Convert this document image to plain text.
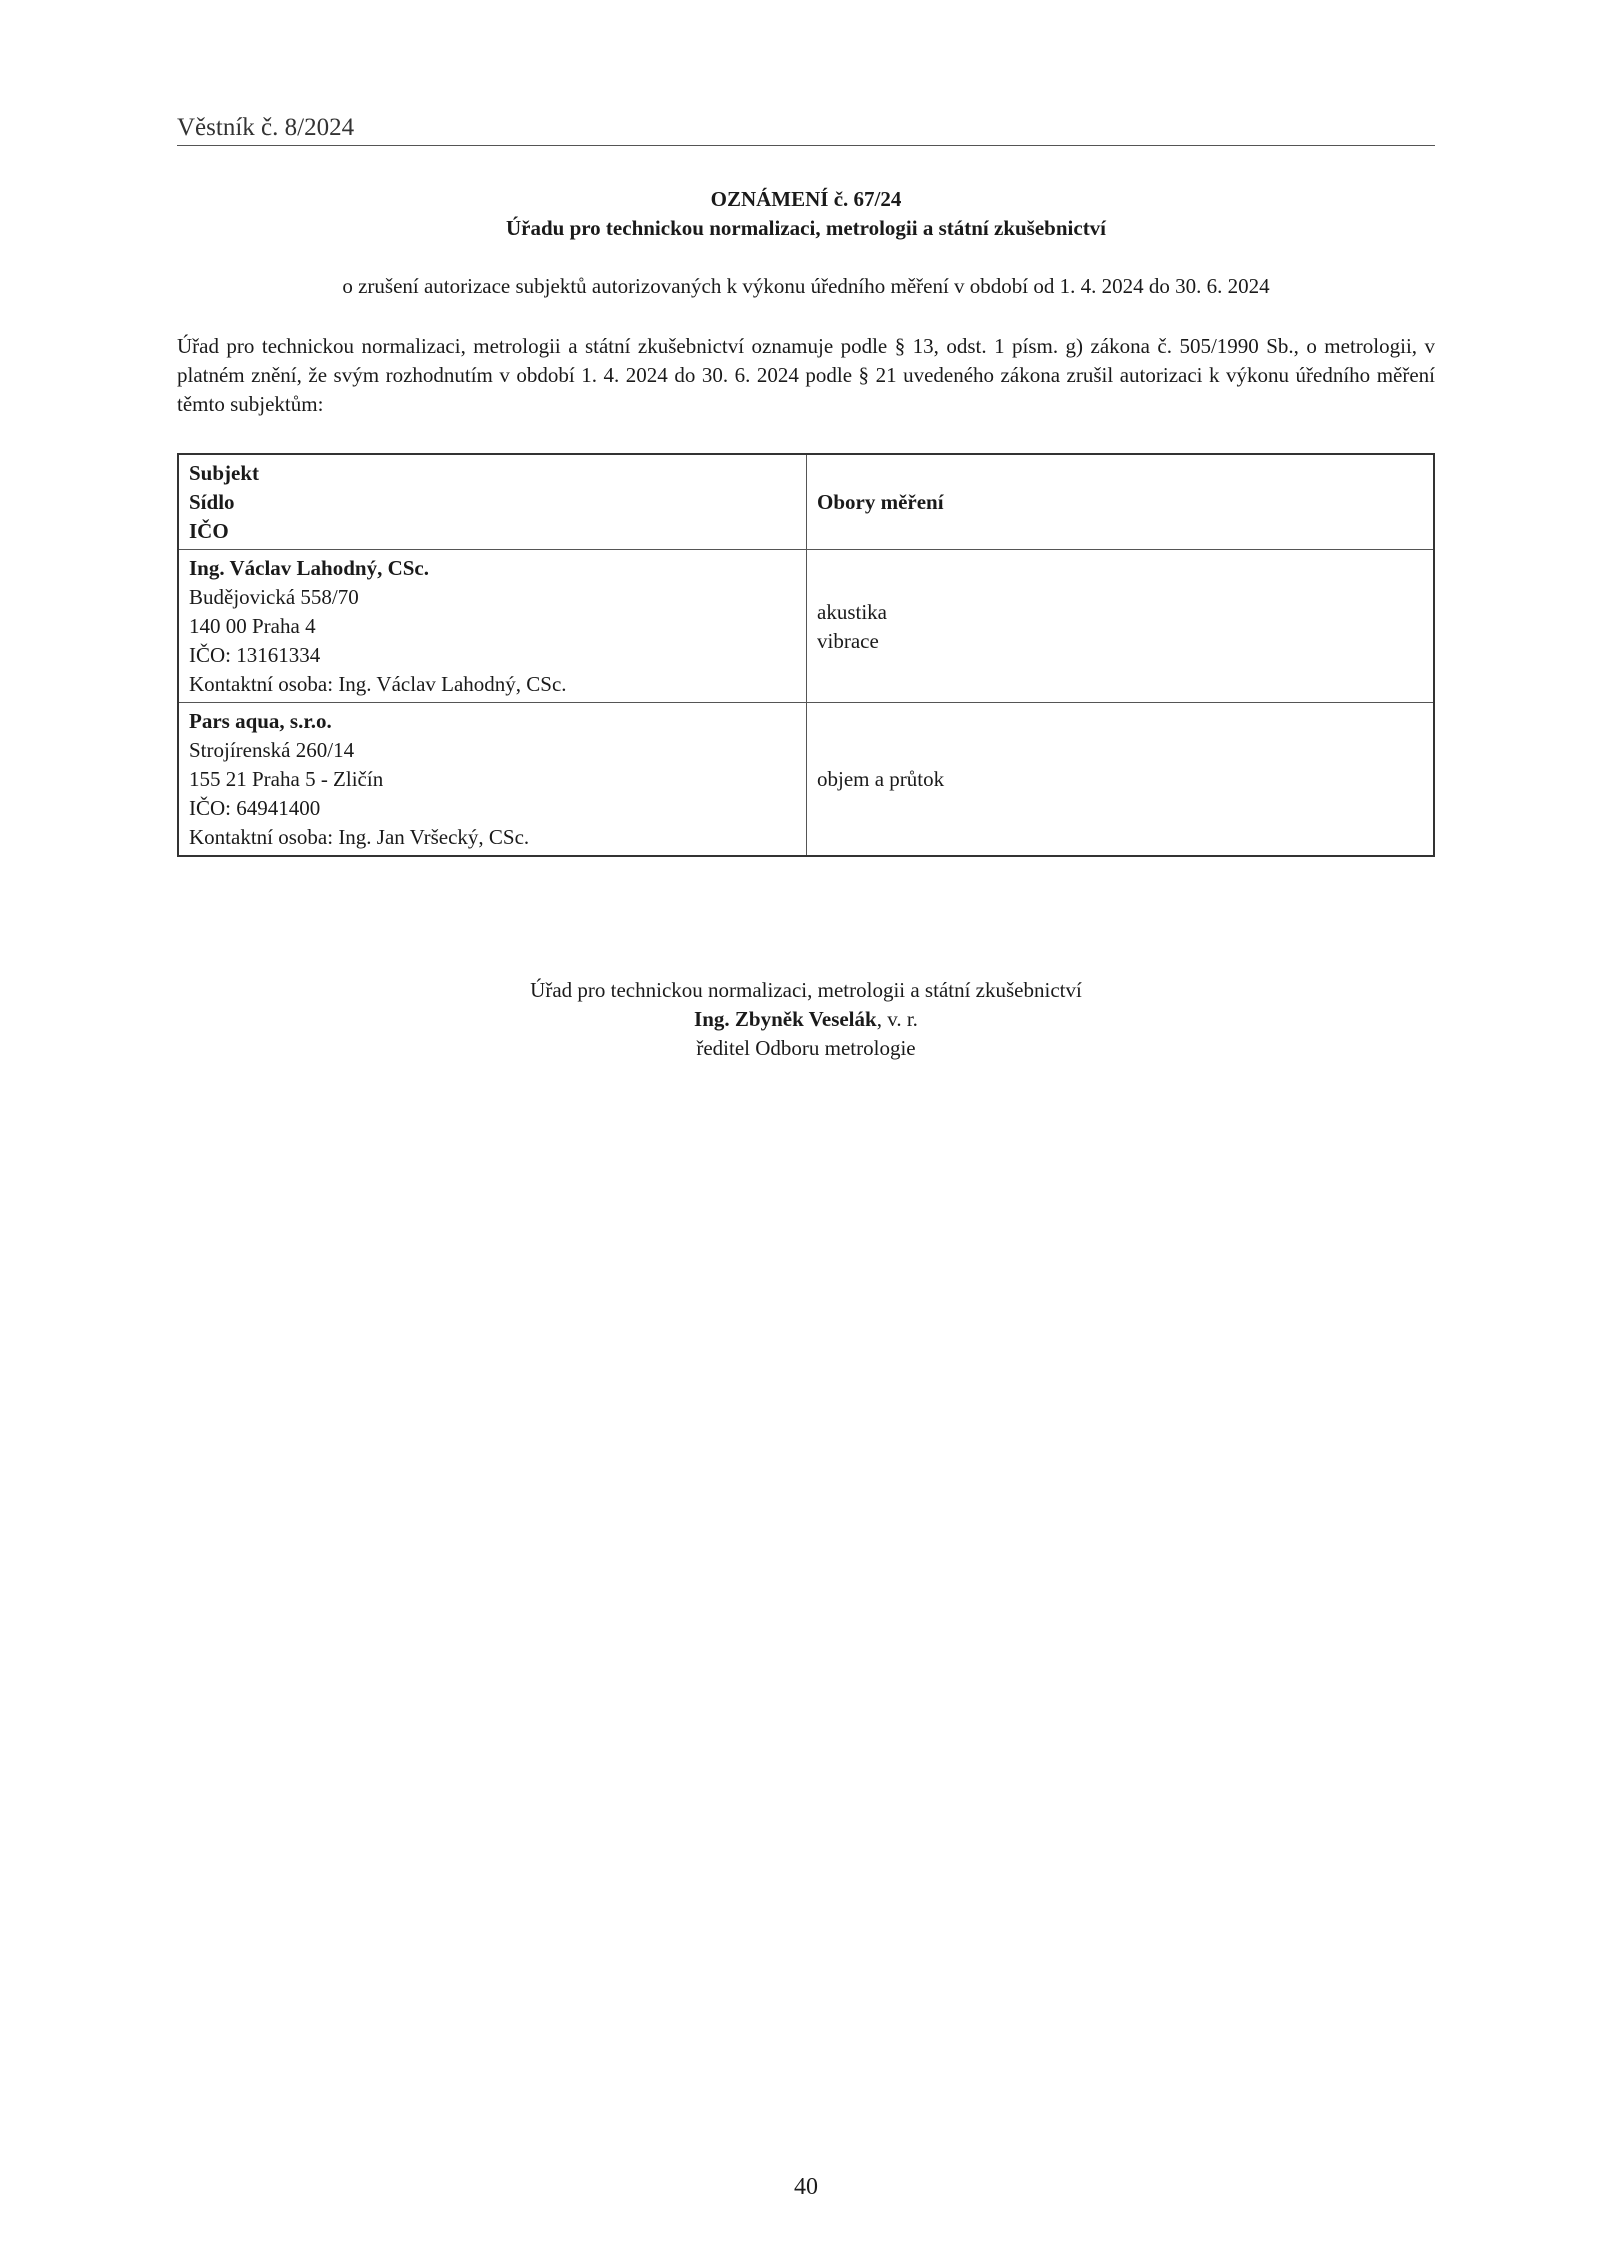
Věstník č. 8/2024
OZNÁMENÍ č. 67/24
Úřadu pro technickou normalizaci, metrologii a státní zkušebnictví
o zrušení autorizace subjektů autorizovaných k výkonu úředního měření v období od 1. 4. 2024 do 30. 6. 2024

Úřad pro technickou normalizaci, metrologii a státní zkušebnictví oznamuje podle § 13, odst. 1 písm. g) zákona č. 505/1990 Sb., o metrologii, v platném znění, že svým rozhodnutím v období 1. 4. 2024 do 30. 6. 2024 podle § 21 uvedeného zákona zrušil autorizaci k výkonu úředního měření těmto subjektům:

Subjekt
Sídlo
IČO	Obory měření

Ing. Václav Lahodný, CSc.
Budějovická 558/70
140 00 Praha 4
IČO: 13161334
Kontaktní osoba: Ing. Václav Lahodný, CSc.	akustika
vibrace

Pars aqua, s.r.o.
Strojírenská 260/14
155 21 Praha 5 - Zličín
IČO: 64941400
Kontaktní osoba: Ing. Jan Vršecký, CSc.	objem a průtok
Úřad pro technickou normalizaci, metrologii a státní zkušebnictví
Ing. Zbyněk Veselák, v. r.
ředitel Odboru metrologie
40
